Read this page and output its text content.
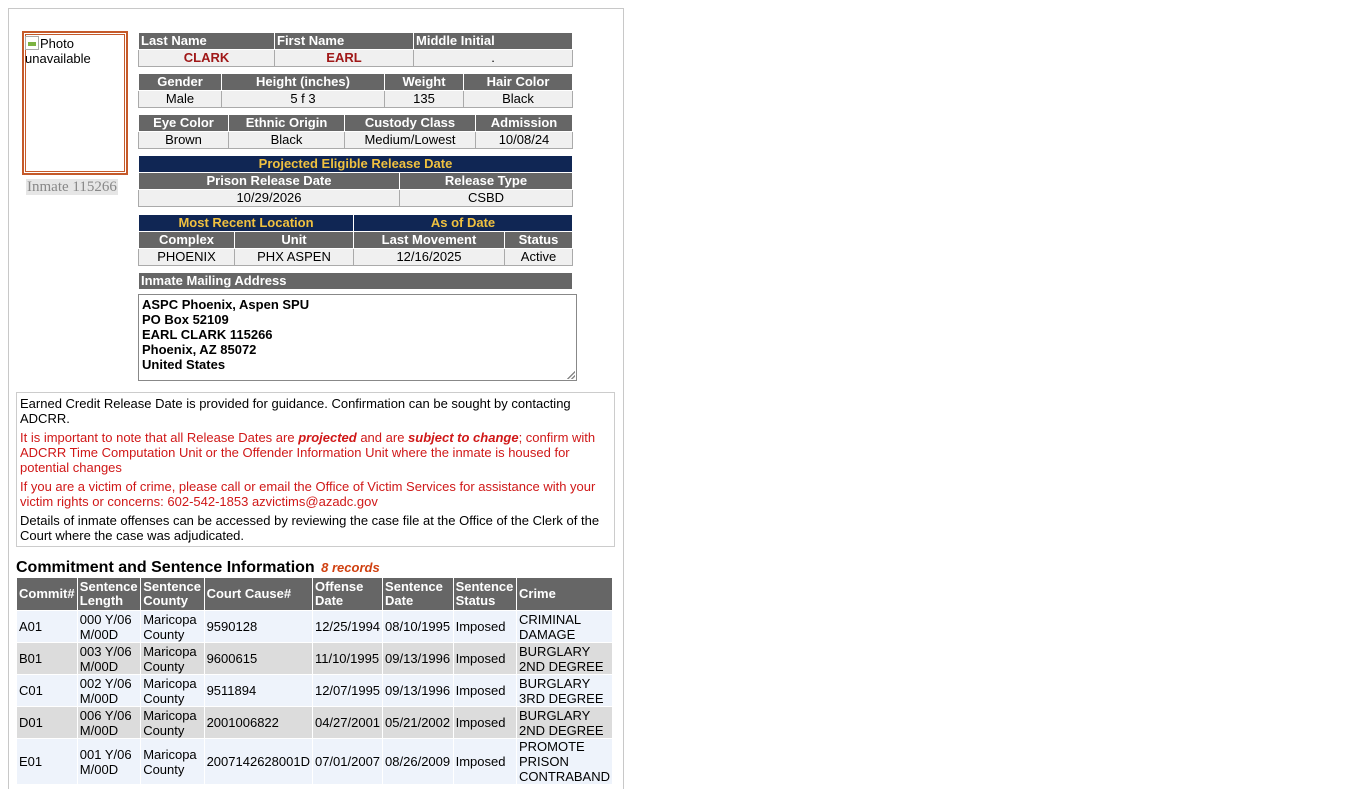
Photo unavailable
Inmate 115266
Last Name	First Name	Middle Initial
CLARK	EARL	.
Gender	Height (inches)	Weight	Hair Color
Male	5 f 3	135	Black
Eye Color	Ethnic Origin	Custody Class	Admission
Brown	Black	Medium/Lowest	10/08/24
Projected Eligible Release Date	
Prison Release Date	Release Type
10/29/2026	CSBD
Most Recent Location		As of Date	
Complex	Unit	Last Movement	Status
PHOENIX	PHX ASPEN	12/16/2025	Active
Inmate Mailing Address
ASPC Phoenix, Aspen SPU
PO Box 52109
EARL CLARK 115266
Phoenix, AZ 85072
United States

Earned Credit Release Date is provided for guidance. Confirmation can be sought by contacting ADCRR.

It is important to note that all Release Dates are projected and are subject to change; confirm with ADCRR Time Computation Unit or the Offender Information Unit where the inmate is housed for potential changes

If you are a victim of crime, please call or email the Office of Victim Services for assistance with your victim rights or concerns: 602-542-1853 azvictims@azadc.gov

Details of inmate offenses can be accessed by reviewing the case file at the Office of the Clerk of the Court where the case was adjudicated.

Commitment and Sentence Information 8 records
Commit#	Sentence Length	Sentence County	Court Cause#	Offense Date	Sentence Date	Sentence Status	Crime
A01	000 Y/06 M/00D	Maricopa County	9590128	12/25/1994	08/10/1995	Imposed	CRIMINAL DAMAGE
B01	003 Y/06 M/00D	Maricopa County	9600615	11/10/1995	09/13/1996	Imposed	BURGLARY 2ND DEGREE
C01	002 Y/06 M/00D	Maricopa County	9511894	12/07/1995	09/13/1996	Imposed	BURGLARY 3RD DEGREE
D01	006 Y/06 M/00D	Maricopa County	2001006822	04/27/2001	05/21/2002	Imposed	BURGLARY 2ND DEGREE
E01	001 Y/06 M/00D	Maricopa County	2007142628001D	07/01/2007	08/26/2009	Imposed	PROMOTE PRISON CONTRABAND
